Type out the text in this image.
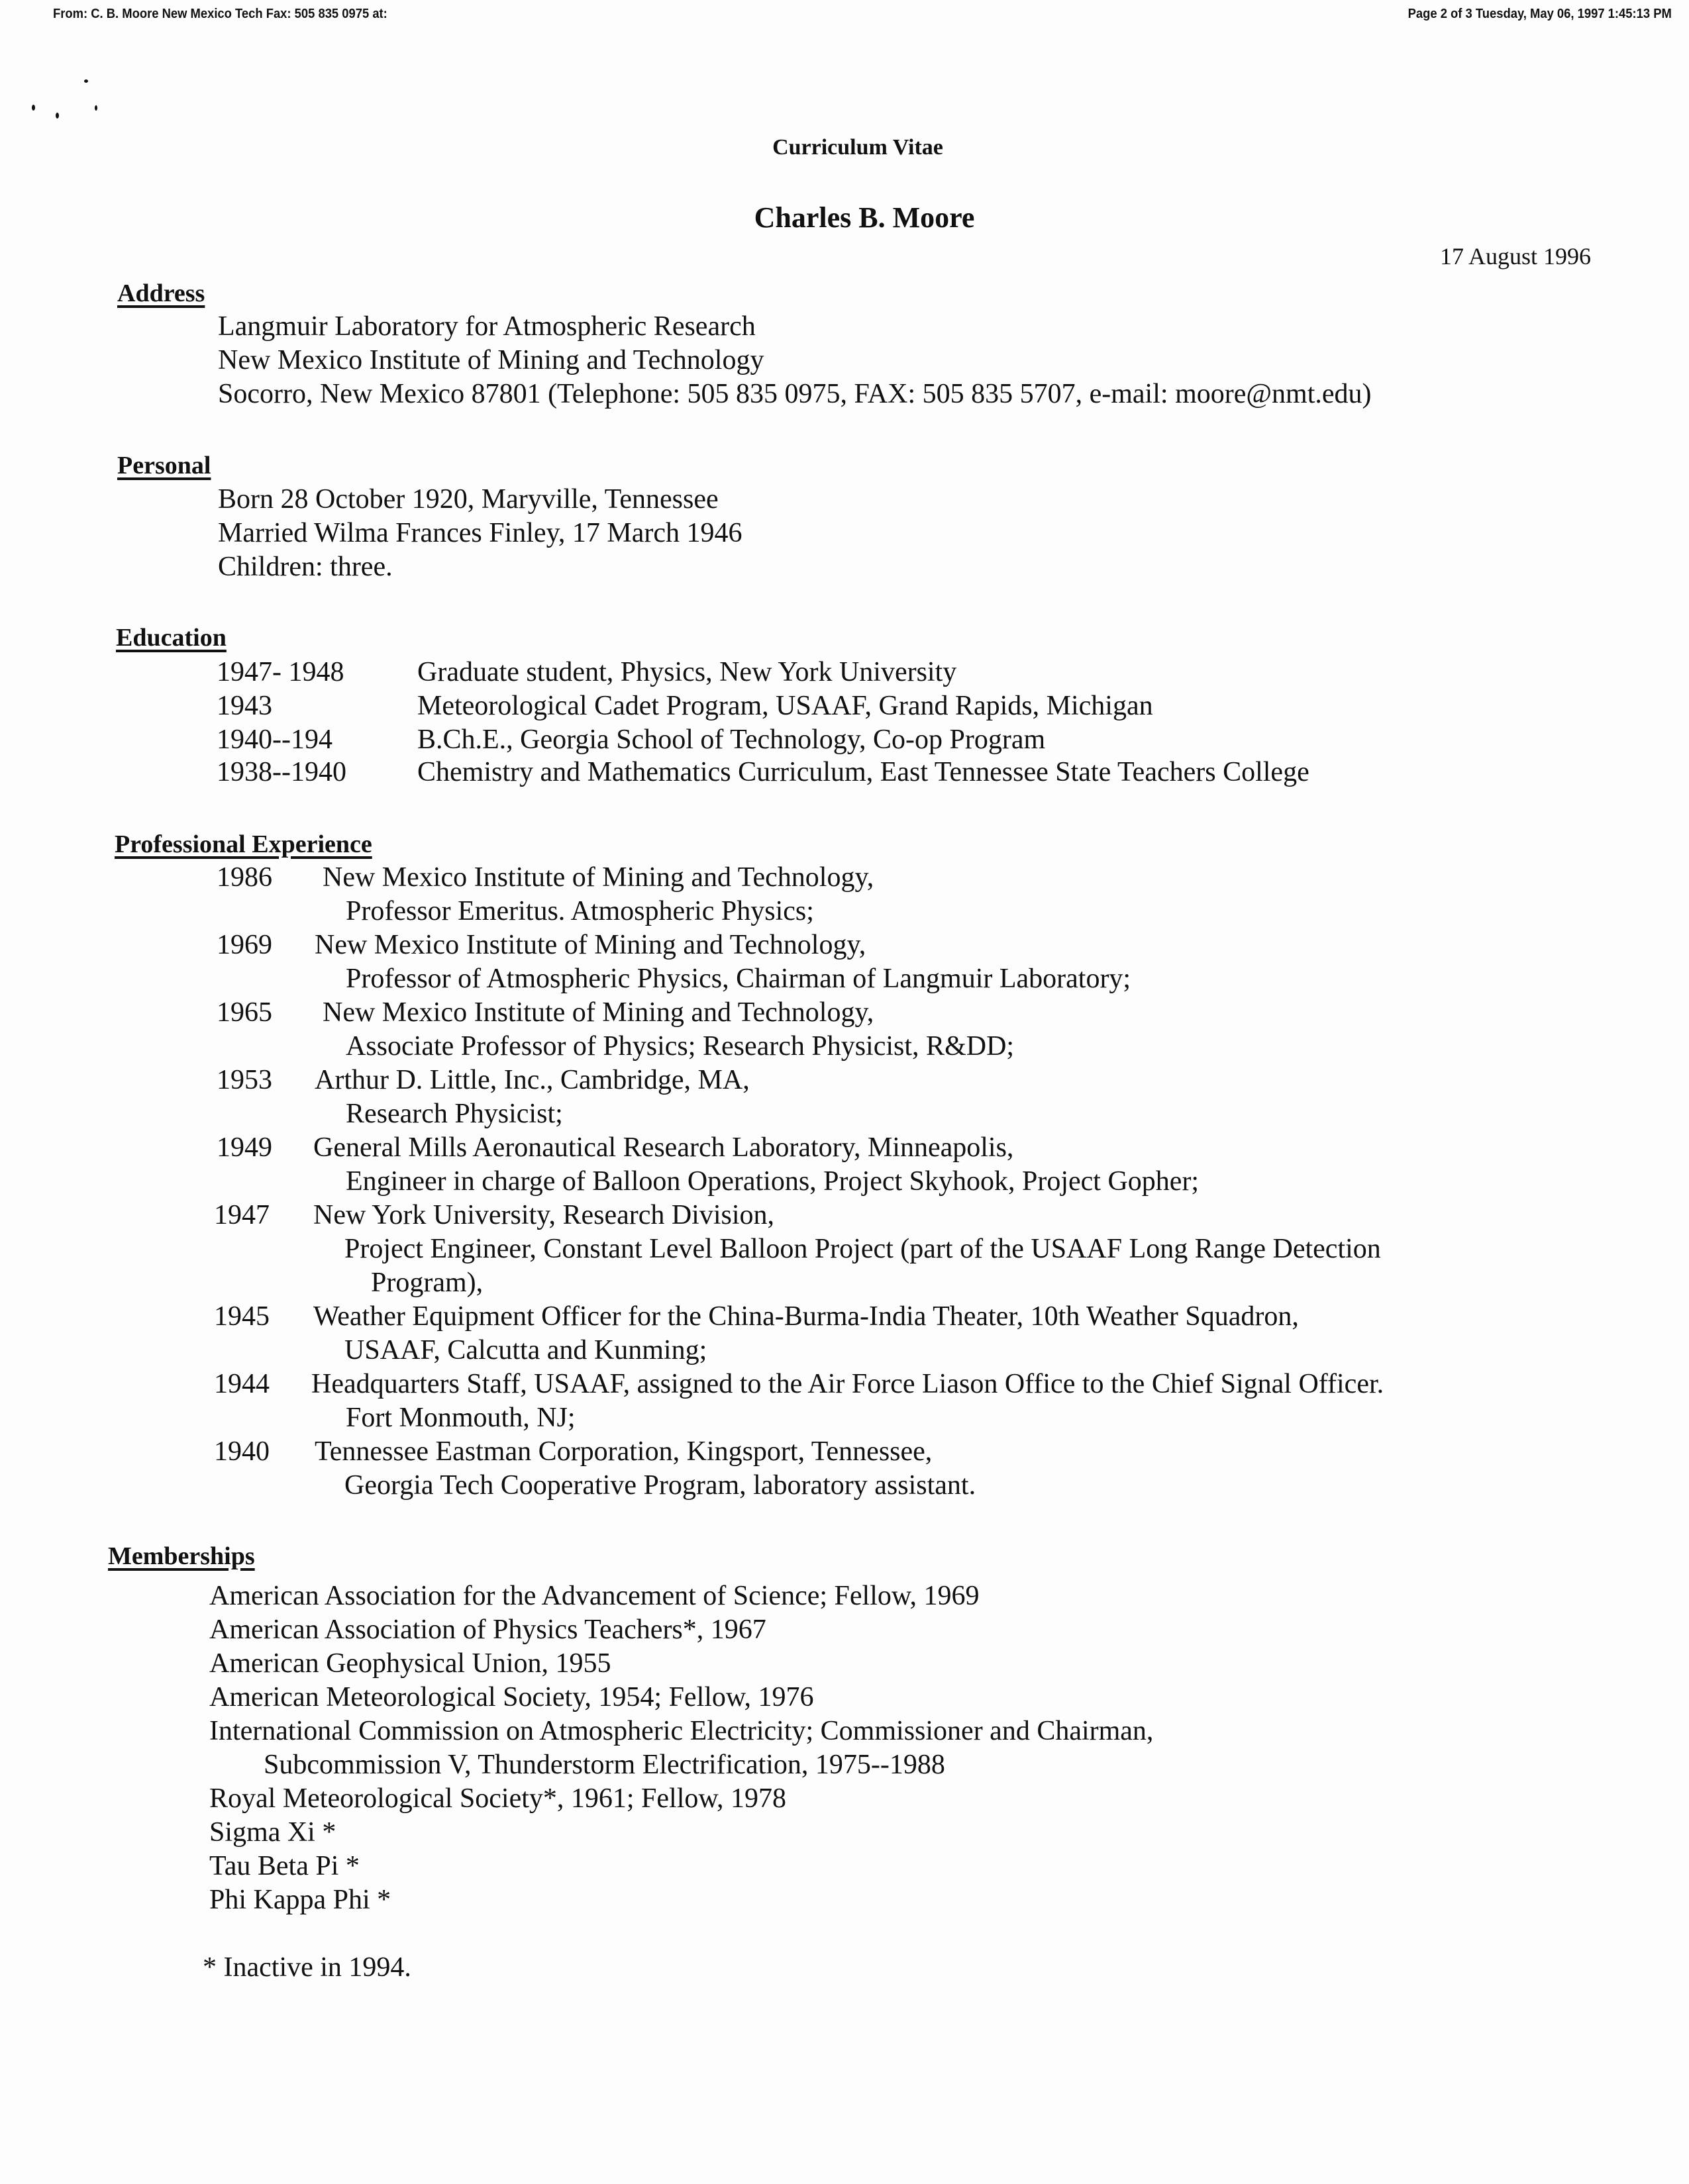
From: C. B. Moore New Mexico Tech Fax: 505 835 0975 at:	Page 2 of 3 Tuesday, May 06, 1997 1:45:13 PM
Curriculum Vitae
Charles B. Moore
17 August 1996
Address
Langmuir Laboratory for Atmospheric Research
New Mexico Institute of Mining and Technology
Socorro, New Mexico 87801 (Telephone: 505 835 0975, FAX: 505 835 5707, e-mail: moore@nmt.edu)
Personal
Born 28 October 1920, Maryville, Tennessee
Married Wilma Frances Finley, 17 March 1946
Children: three.
Education
1947- 1948	Graduate student, Physics, New York University
1943	Meteorological Cadet Program, USAAF, Grand Rapids, Michigan
1940--194	B.Ch.E., Georgia School of Technology, Co-op Program
1938--1940	Chemistry and Mathematics Curriculum, East Tennessee State Teachers College
Professional Experience
1986 New Mexico Institute of Mining and Technology,
Professor Emeritus. Atmospheric Physics;
1969 New Mexico Institute of Mining and Technology,
Professor of Atmospheric Physics, Chairman of Langmuir Laboratory;
1965 New Mexico Institute of Mining and Technology,
Associate Professor of Physics; Research Physicist, R&DD;
1953 Arthur D. Little, Inc., Cambridge, MA,
Research Physicist;
1949 General Mills Aeronautical Research Laboratory, Minneapolis,
Engineer in charge of Balloon Operations, Project Skyhook, Project Gopher;
1947 New York University, Research Division,
Project Engineer, Constant Level Balloon Project (part of the USAAF Long Range Detection
Program),
1945 Weather Equipment Officer for the China-Burma-India Theater, 10th Weather Squadron,
USAAF, Calcutta and Kunming;
1944 Headquarters Staff, USAAF, assigned to the Air Force Liason Office to the Chief Signal Officer.
Fort Monmouth, NJ;
1940 Tennessee Eastman Corporation, Kingsport, Tennessee,
Georgia Tech Cooperative Program, laboratory assistant.
Memberships
American Association for the Advancement of Science; Fellow, 1969
American Association of Physics Teachers*, 1967
American Geophysical Union, 1955
American Meteorological Society, 1954; Fellow, 1976
International Commission on Atmospheric Electricity; Commissioner and Chairman,
Subcommission V, Thunderstorm Electrification, 1975--1988
Royal Meteorological Society*, 1961; Fellow, 1978
Sigma Xi *
Tau Beta Pi *
Phi Kappa Phi *
* Inactive in 1994.
